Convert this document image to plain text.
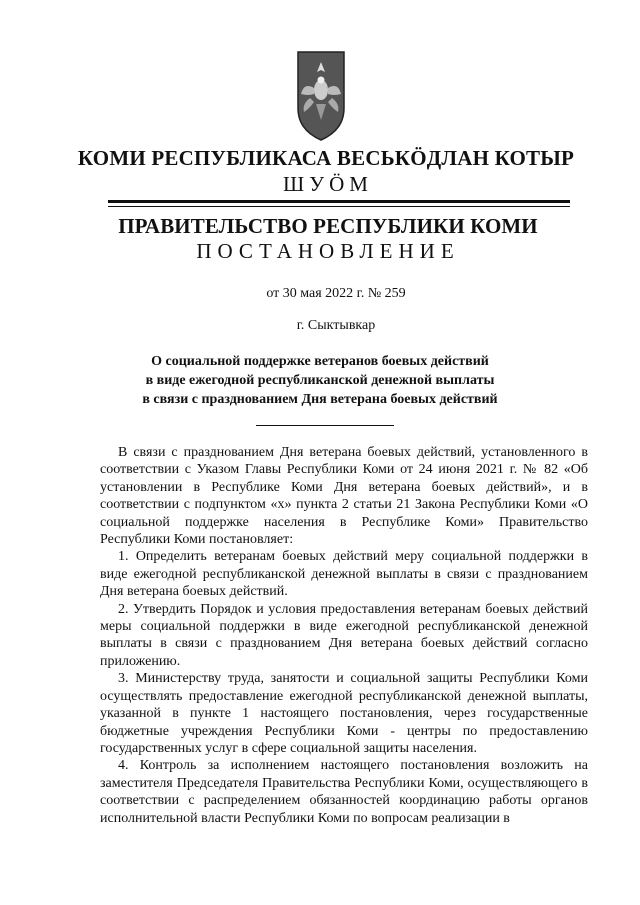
КОМИ РЕСПУБЛИКАСА ВЕСЬКӦДЛАН КОТЫР
ШУӦМ
ПРАВИТЕЛЬСТВО РЕСПУБЛИКИ КОМИ
ПОСТАНОВЛЕНИЕ
от 30 мая 2022 г. № 259
г. Сыктывкар
О социальной поддержке ветеранов боевых действий
в виде ежегодной республиканской денежной выплаты
в связи с празднованием Дня ветерана боевых действий

В связи с празднованием Дня ветерана боевых действий, установленного в соответствии с Указом Главы Республики Коми от 24 июня 2021 г. № 82 «Об установлении в Республике Коми Дня ветерана боевых действий», и в соответствии с подпунктом «х» пункта 2 статьи 21 Закона Республики Коми «О социальной поддержке населения в Республике Коми» Правительство Республики Коми постановляет:

1. Определить ветеранам боевых действий меру социальной поддержки в виде ежегодной республиканской денежной выплаты в связи с празднованием Дня ветерана боевых действий.

2. Утвердить Порядок и условия предоставления ветеранам боевых действий меры социальной поддержки в виде ежегодной республиканской денежной выплаты в связи с празднованием Дня ветерана боевых действий согласно приложению.

3. Министерству труда, занятости и социальной защиты Республики Коми осуществлять предоставление ежегодной республиканской денежной выплаты, указанной в пункте 1 настоящего постановления, через государственные бюджетные учреждения Республики Коми - центры по предоставлению государственных услуг в сфере социальной защиты населения.

4. Контроль за исполнением настоящего постановления возложить на заместителя Председателя Правительства Республики Коми, осуществляющего в соответствии с распределением обязанностей координацию работы органов исполнительной власти Республики Коми по вопросам реализации в
